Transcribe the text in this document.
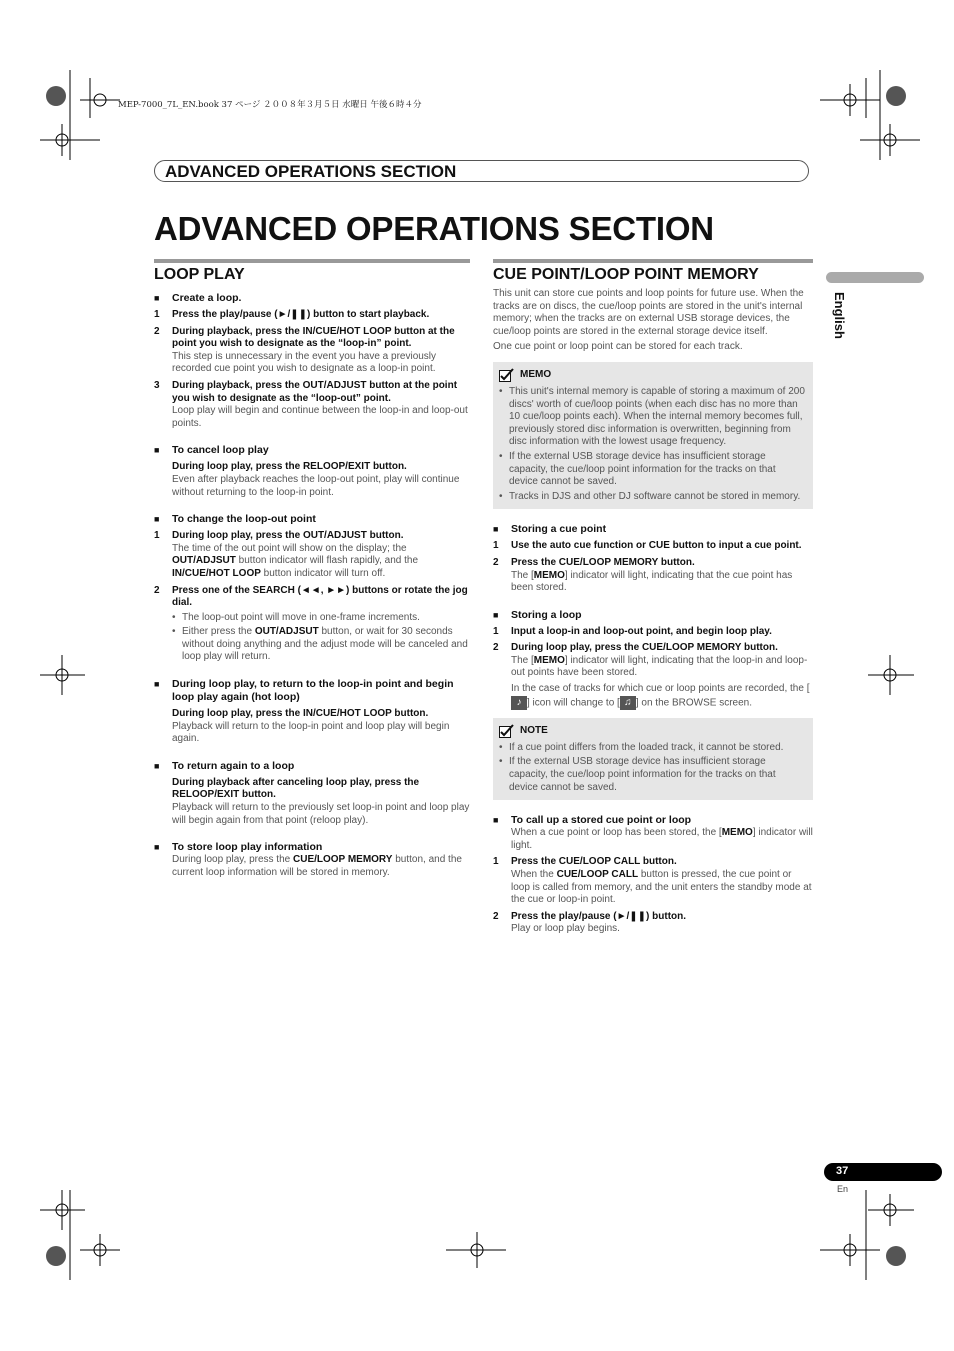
MEP-7000_7L_EN.book 37 ページ ２００８年３月５日 水曜日 午後６時４分
ADVANCED OPERATIONS SECTION
ADVANCED OPERATIONS SECTION
English
LOOP PLAY
■	Create a loop.
1	Press the play/pause (►/❚❚) button to start playback.
2	During playback, press the IN/CUE/HOT LOOP button at the point you wish to designate as the “loop-in” point.
This step is unnecessary in the event you have a previously recorded cue point you wish to designate as a loop-in point.
3	During playback, press the OUT/ADJUST button at the point you wish to designate as the “loop-out” point.
Loop play will begin and continue between the loop-in and loop-out points.
■	To cancel loop play
During loop play, press the RELOOP/EXIT button.
Even after playback reaches the loop-out point, play will continue without returning to the loop-in point.
■	To change the loop-out point
1	During loop play, press the OUT/ADJUST button.
The time of the out point will show on the display; the OUT/ADJSUT button indicator will flash rapidly, and the IN/CUE/HOT LOOP button indicator will turn off.
2	Press one of the SEARCH (◄◄, ►►) buttons or rotate the jog dial.
• The loop-out point will move in one-frame increments.
• Either press the OUT/ADJSUT button, or wait for 30 seconds without doing anything and the adjust mode will be canceled and loop play will return.
■	During loop play, to return to the loop-in point and begin loop play again (hot loop)
During loop play, press the IN/CUE/HOT LOOP button.
Playback will return to the loop-in point and loop play will begin again.
■	To return again to a loop
During playback after canceling loop play, press the RELOOP/EXIT button.
Playback will return to the previously set loop-in point and loop play will begin again from that point (reloop play).
■	To store loop play information
During loop play, press the CUE/LOOP MEMORY button, and the current loop information will be stored in memory.
CUE POINT/LOOP POINT MEMORY
This unit can store cue points and loop points for future use. When the tracks are on discs, the cue/loop points are stored in the unit's internal memory; when the tracks are on external USB storage devices, the cue/loop points are stored in the external storage device itself.
One cue point or loop point can be stored for each track.
MEMO
• This unit's internal memory is capable of storing a maximum of 200 discs' worth of cue/loop points (when each disc has no more than 10 cue/loop points each). When the internal memory becomes full, previously stored disc information is overwritten, beginning from disc information with the lowest usage frequency.
• If the external USB storage device has insufficient storage capacity, the cue/loop point information for the tracks on that device cannot be saved.
• Tracks in DJS and other DJ software cannot be stored in memory.
■	Storing a cue point
1	Use the auto cue function or CUE button to input a cue point.
2	Press the CUE/LOOP MEMORY button.
The [MEMO] indicator will light, indicating that the cue point has been stored.
■	Storing a loop
1	Input a loop-in and loop-out point, and begin loop play.
2	During loop play, press the CUE/LOOP MEMORY button.
The [MEMO] indicator will light, indicating that the loop-in and loop-out points have been stored.
In the case of tracks for which cue or loop points are recorded, the [♪ ] icon will change to [ ♫ ] on the BROWSE screen.
NOTE
• If a cue point differs from the loaded track, it cannot be stored.
• If the external USB storage device has insufficient storage capacity, the cue/loop point information for the tracks on that device cannot be saved.
■	To call up a stored cue point or loop
When a cue point or loop has been stored, the [MEMO] indicator will light.
1	Press the CUE/LOOP CALL button.
When the CUE/LOOP CALL button is pressed, the cue point or loop is called from memory, and the unit enters the standby mode at the cue or loop-in point.
2	Press the play/pause (►/❚❚) button.
Play or loop play begins.
37
En
